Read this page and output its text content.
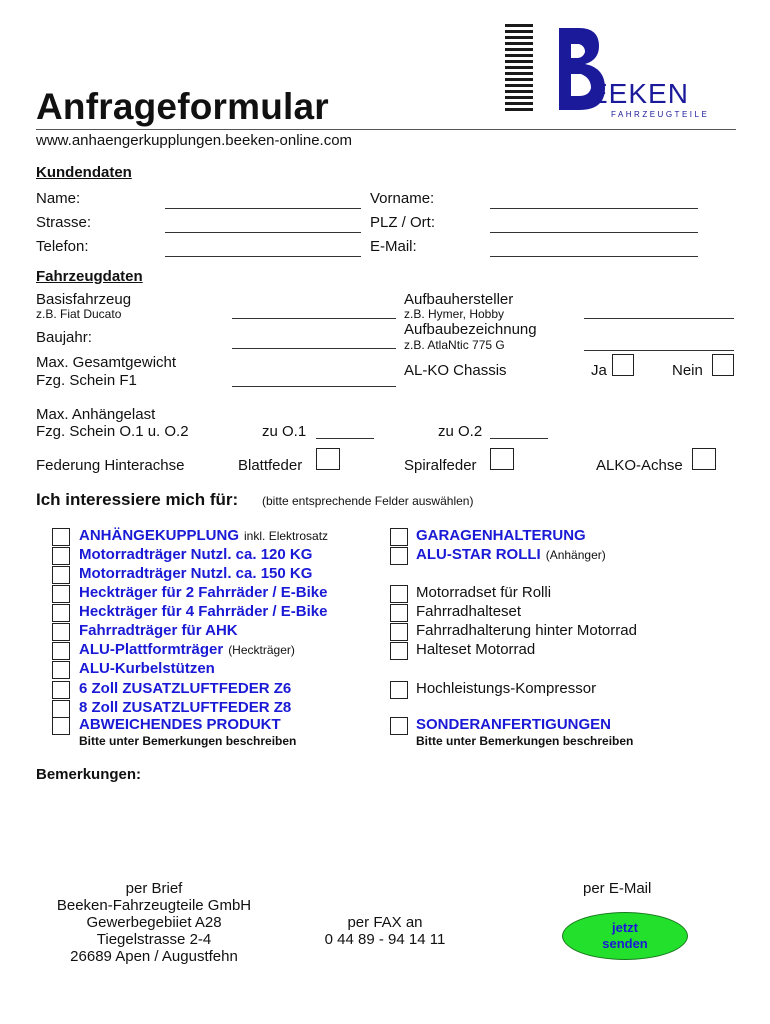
EEKEN
FAHRZEUGTEILE
Anfrageformular
www.anhaengerkupplungen.beeken-online.com
Kundendaten
Name:	Vorname:
Strasse:	PLZ / Ort:
Telefon:	E-Mail:
Fahrzeugdaten
Basisfahrzeug
z.B. Fiat Ducato
Aufbauhersteller
z.B. Hymer, Hobby
Baujahr:	Aufbaubezeichnung
z.B. AtlaNtic 775 G
Max. Gesamtgewicht
Fzg. Schein F1
AL-KO Chassis	Ja	Nein
Max. Anhängelast
Fzg. Schein O.1 u. O.2	zu O.1	zu O.2
Federung Hinterachse	Blattfeder	Spiralfeder	ALKO-Achse
Ich interessiere mich für: (bitte entsprechende Felder auswählen)
ANHÄNGEKUPPLUNG inkl. Elektrosatz
Motorradträger Nutzl. ca. 120 KG
Motorradträger Nutzl. ca. 150 KG
Heckträger für 2 Fahrräder / E-Bike
Heckträger für 4 Fahrräder / E-Bike
Fahrradträger für AHK
ALU-Plattformträger (Heckträger)
ALU-Kurbelstützen
6 Zoll ZUSATZLUFTFEDER Z6
8 Zoll ZUSATZLUFTFEDER Z8
ABWEICHENDES PRODUKT
GARAGENHALTERUNG
ALU-STAR ROLLI (Anhänger)
Motorradset für Rolli
Fahrradhalteset
Fahrradhalterung hinter Motorrad
Halteset Motorrad
Hochleistungs-Kompressor
SONDERANFERTIGUNGEN
Bitte unter Bemerkungen beschreiben	Bitte unter Bemerkungen beschreiben
Bemerkungen:
per Brief
Beeken-Fahrzeugteile GmbH
Gewerbegebiiet A28
Tiegelstrasse 2-4
26689 Apen / Augustfehn
per FAX an
0 44 89 - 94 14 11
per E-Mail
jetzt
senden
